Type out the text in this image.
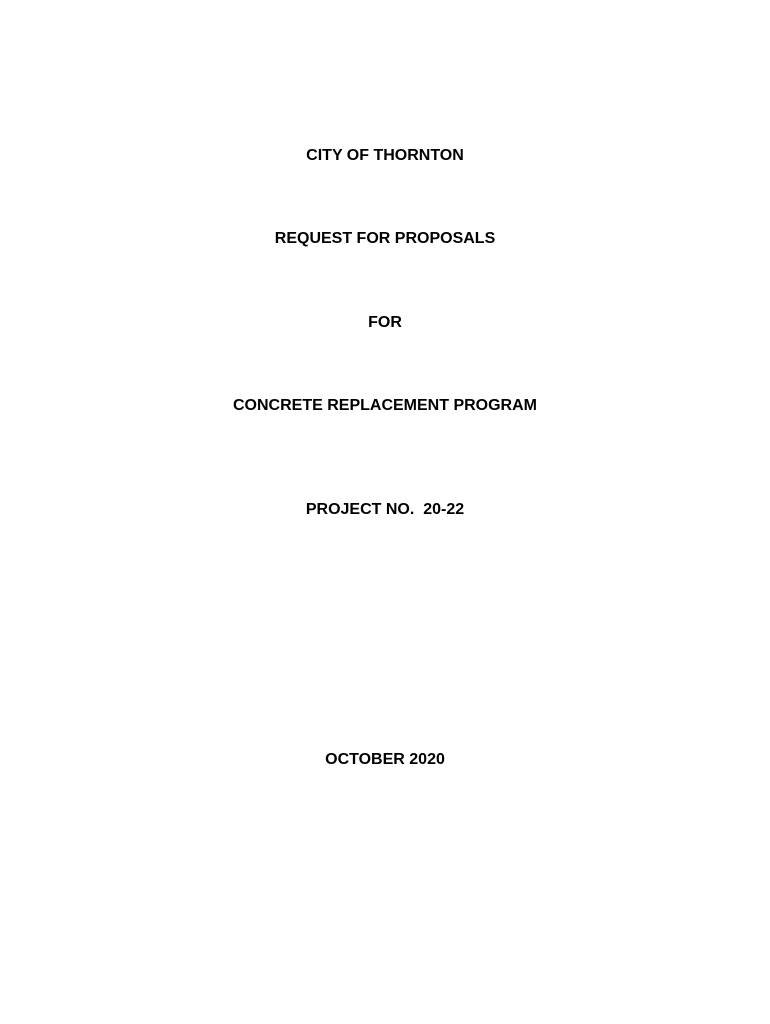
CITY OF THORNTON
REQUEST FOR PROPOSALS
FOR
CONCRETE REPLACEMENT PROGRAM
PROJECT NO.  20-22
OCTOBER 2020
